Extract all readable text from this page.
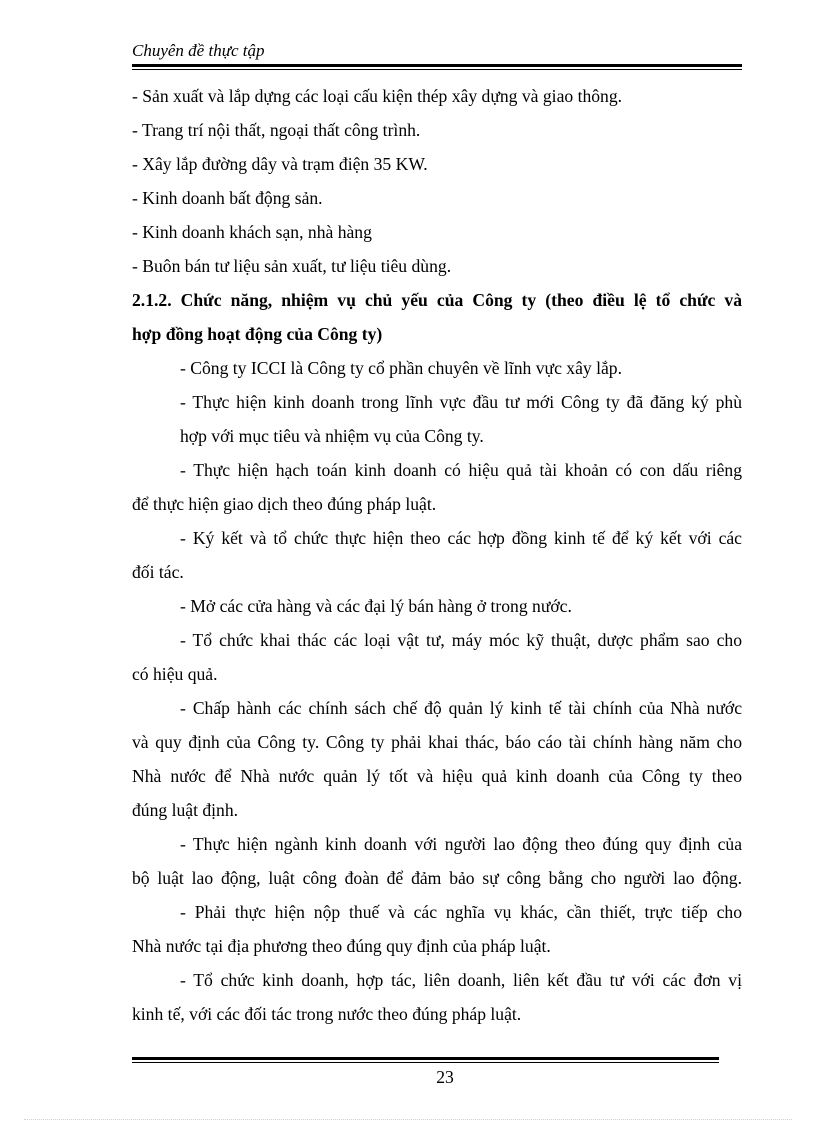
Chuyên đề thực tập
- Sản xuất và lắp dựng các loại cấu kiện thép xây dựng và giao thông.
- Trang trí nội thất, ngoại thất công trình.
- Xây lắp đường dây và trạm điện 35 KW.
- Kinh doanh bất động sản.
- Kinh doanh khách sạn, nhà hàng
- Buôn bán tư liệu sản xuất, tư liệu tiêu dùng.
2.1.2. Chức năng, nhiệm vụ chủ yếu của Công ty (theo điều lệ tổ chức và
hợp đồng hoạt động của Công ty)
- Công ty ICCI là Công ty cổ phần chuyên về lĩnh vực xây lắp.
- Thực hiện kinh doanh trong lĩnh vực đầu tư mới Công ty đã đăng ký phù
hợp với mục tiêu và nhiệm vụ của Công ty.
- Thực hiện hạch toán kinh doanh có hiệu quả tài khoản có con dấu riêng
để thực hiện giao dịch theo đúng pháp luật.
- Ký kết và tổ chức thực hiện theo các hợp đồng kinh tế để ký kết với các
đối tác.
- Mở các cửa hàng và các đại lý bán hàng ở trong nước.
- Tổ chức khai thác các loại vật tư, máy móc kỹ thuật, dược phẩm sao cho
có hiệu quả.
- Chấp hành các chính sách chế độ quản lý kinh tế tài chính của Nhà nước
và quy định của Công ty. Công ty phải khai thác, báo cáo tài chính hàng năm cho
Nhà nước để Nhà nước quản lý tốt và hiệu quả kinh doanh của Công ty theo
đúng luật định.
- Thực hiện ngành kinh doanh với người lao động theo đúng quy định của
bộ luật lao động, luật công đoàn để đảm bảo sự công bằng cho người lao động.
- Phải thực hiện nộp thuế và các nghĩa vụ khác, cần thiết, trực tiếp cho
Nhà nước tại địa phương theo đúng quy định của pháp luật.
- Tổ chức kinh doanh, hợp tác, liên doanh, liên kết đầu tư với các đơn vị
kinh tế, với các đối tác trong nước theo đúng pháp luật.
23
